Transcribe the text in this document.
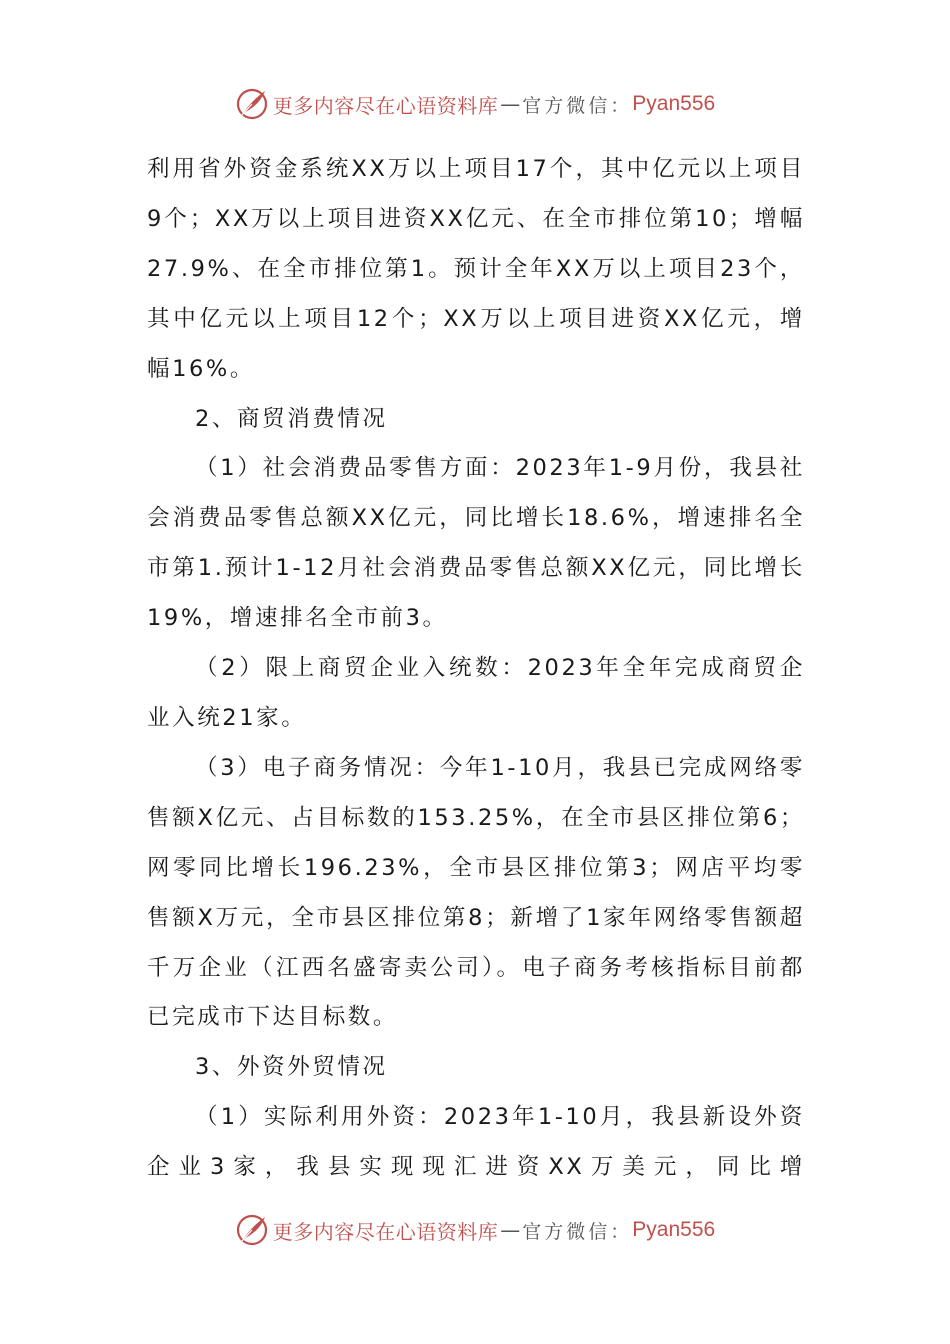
更多内容尽在心语资料库 — 官方微信： Pyan556

利用省外资金系统XX万以上项目17个，其中亿元以上项目9个；XX万以上项目进资XX亿元、在全市排位第10；增幅27.9%、在全市排位第1。预计全年XX万以上项目23个，其中亿元以上项目12个；XX万以上项目进资XX亿元，增幅16%。

2、商贸消费情况

（1）社会消费品零售方面：2023年1-9月份，我县社会消费品零售总额XX亿元，同比增长18.6%，增速排名全市第1.预计1-12月社会消费品零售总额XX亿元，同比增长19%，增速排名全市前3。

（2）限上商贸企业入统数：2023年全年完成商贸企业入统21家。

（3）电子商务情况：今年1-10月，我县已完成网络零售额X亿元、占目标数的153.25%，在全市县区排位第6；网零同比增长196.23%，全市县区排位第3；网店平均零售额X万元，全市县区排位第8；新增了1家年网络零售额超千万企业（江西名盛寄卖公司）。电子商务考核指标目前都已完成市下达目标数。

3、外资外贸情况

（1）实际利用外资：2023年1-10月，我县新设外资企业3家，我县实现现汇进资XX万美元，同比增

更多内容尽在心语资料库 — 官方微信： Pyan556
